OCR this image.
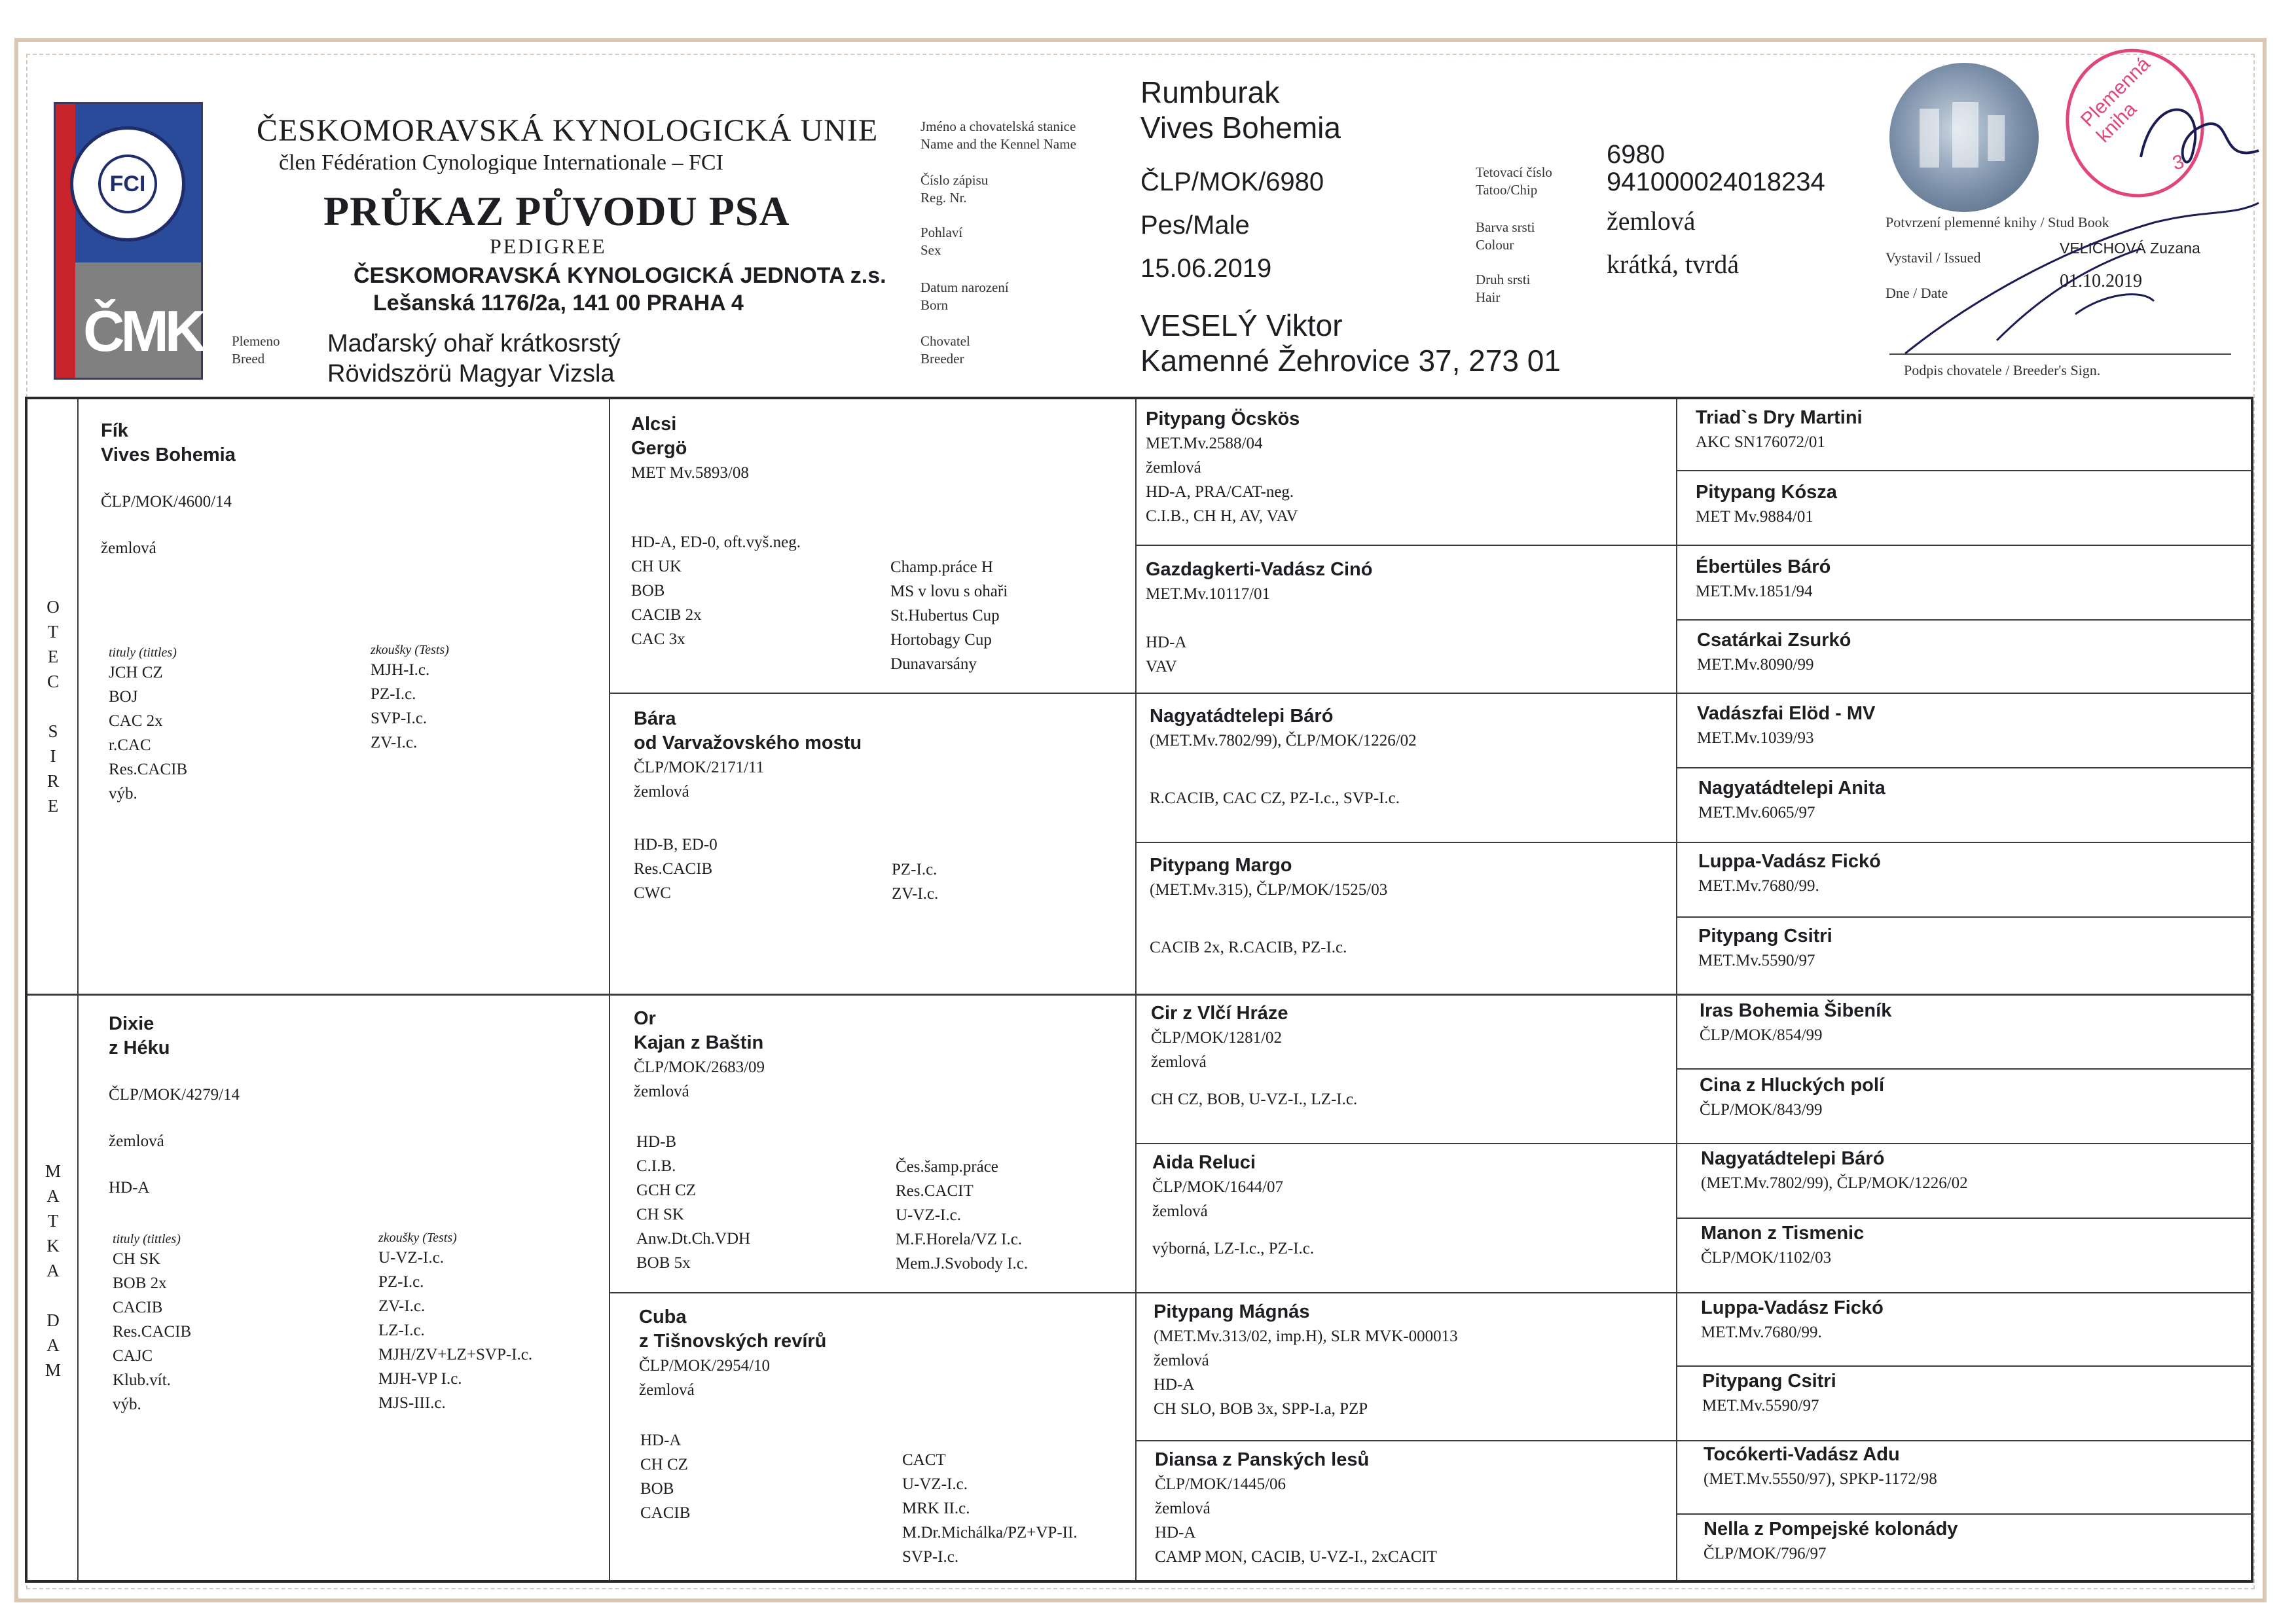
FCI
ČMKU
ČESKOMORAVSKÁ KYNOLOGICKÁ UNIE
člen Fédération Cynologique Internationale – FCI
PRŮKAZ PŮVODU PSA
PEDIGREE
ČESKOMORAVSKÁ KYNOLOGICKÁ JEDNOTA z.s.
Lešanská 1176/2a, 141 00 PRAHA 4
Plemeno
Breed
Maďarský ohař krátkosrstý
Rövidszörü Magyar Vizsla
Jméno a chovatelská stanice
Name and the Kennel Name
Číslo zápisu
Reg. Nr.
Pohlaví
Sex
Datum narození
Born
Chovatel
Breeder
Rumburak
Vives Bohemia
ČLP/MOK/6980
Pes/Male
15.06.2019
VESELÝ Viktor
Kamenné Žehrovice 37, 273 01
Tetovací číslo
Tatoo/Chip
Barva srsti
Colour
Druh srsti
Hair
6980
941000024018234
žemlová
krátká, tvrdá
Plemenná kniha
3
Potvrzení plemenné knihy / Stud Book
Vystavil / Issued
VELICHOVÁ Zuzana
Dne / Date
01.10.2019
Podpis chovatele / Breeder's Sign.
O
T
E
C

S
I
R
E
M
A
T
K
A

D
A
M
Fík
Vives Bohemia
ČLP/MOK/4600/14
žemlová
tituly (tittles)
JCH CZ
BOJ
CAC 2x
r.CAC
Res.CACIB
výb.
zkoušky (Tests)
MJH-I.c.
PZ-I.c.
SVP-I.c.
ZV-I.c.
Dixie
z Héku
ČLP/MOK/4279/14
žemlová
HD-A
tituly (tittles)
CH SK
BOB 2x
CACIB
Res.CACIB
CAJC
Klub.vít.
výb.
zkoušky (Tests)
U-VZ-I.c.
PZ-I.c.
ZV-I.c.
LZ-I.c.
MJH/ZV+LZ+SVP-I.c.
MJH-VP I.c.
MJS-III.c.
Alcsi
Gergö
MET Mv.5893/08
HD-A, ED-0, oft.vyš.neg.
CH UK
BOB
CACIB 2x
CAC 3x
Champ.práce H
MS v lovu s ohaři
St.Hubertus Cup
Hortobagy Cup
Dunavarsány
Bára
od Varvažovského mostu
ČLP/MOK/2171/11
žemlová
HD-B, ED-0
Res.CACIB
CWC
PZ-I.c.
ZV-I.c.
Or
Kajan z Baštin
ČLP/MOK/2683/09
žemlová
HD-B
C.I.B.
GCH CZ
CH SK
Anw.Dt.Ch.VDH
BOB 5x
Čes.šamp.práce
Res.CACIT
U-VZ-I.c.
M.F.Horela/VZ I.c.
Mem.J.Svobody I.c.
Cuba
z Tišnovských revírů
ČLP/MOK/2954/10
žemlová
HD-A
CH CZ
BOB
CACIB
CACT
U-VZ-I.c.
MRK II.c.
M.Dr.Michálka/PZ+VP-II.
SVP-I.c.
Pitypang Öcskös
MET.Mv.2588/04
žemlová
HD-A, PRA/CAT-neg.
C.I.B., CH H, AV, VAV
Gazdagkerti-Vadász Cinó
MET.Mv.10117/01

HD-A
VAV
Nagyatádtelepi Báró
(MET.Mv.7802/99), ČLP/MOK/1226/02

R.CACIB, CAC CZ, PZ-I.c., SVP-I.c.
Pitypang Margo
(MET.Mv.315), ČLP/MOK/1525/03

CACIB 2x, R.CACIB, PZ-I.c.
Cir z Vlčí Hráze
ČLP/MOK/1281/02
žemlová
CH CZ, BOB, U-VZ-I., LZ-I.c.
Aida Reluci
ČLP/MOK/1644/07
žemlová
výborná, LZ-I.c., PZ-I.c.
Pitypang Mágnás
(MET.Mv.313/02, imp.H), SLR MVK-000013
žemlová
HD-A
CH SLO, BOB 3x, SPP-I.a, PZP
Diansa z Panských lesů
ČLP/MOK/1445/06
žemlová
HD-A
CAMP MON, CACIB, U-VZ-I., 2xCACIT
Triad`s Dry Martini
AKC SN176072/01
Pitypang Kósza
MET Mv.9884/01
Ébertüles Báró
MET.Mv.1851/94
Csatárkai Zsurkó
MET.Mv.8090/99
Vadászfai Elöd - MV
MET.Mv.1039/93
Nagyatádtelepi Anita
MET.Mv.6065/97
Luppa-Vadász Fickó
MET.Mv.7680/99.
Pitypang Csitri
MET.Mv.5590/97
Iras Bohemia Šibeník
ČLP/MOK/854/99
Cina z Hluckých polí
ČLP/MOK/843/99
Nagyatádtelepi Báró
(MET.Mv.7802/99), ČLP/MOK/1226/02
Manon z Tismenic
ČLP/MOK/1102/03
Luppa-Vadász Fickó
MET.Mv.7680/99.
Pitypang Csitri
MET.Mv.5590/97
Tocókerti-Vadász Adu
(MET.Mv.5550/97), SPKP-1172/98
Nella z Pompejské kolonády
ČLP/MOK/796/97
